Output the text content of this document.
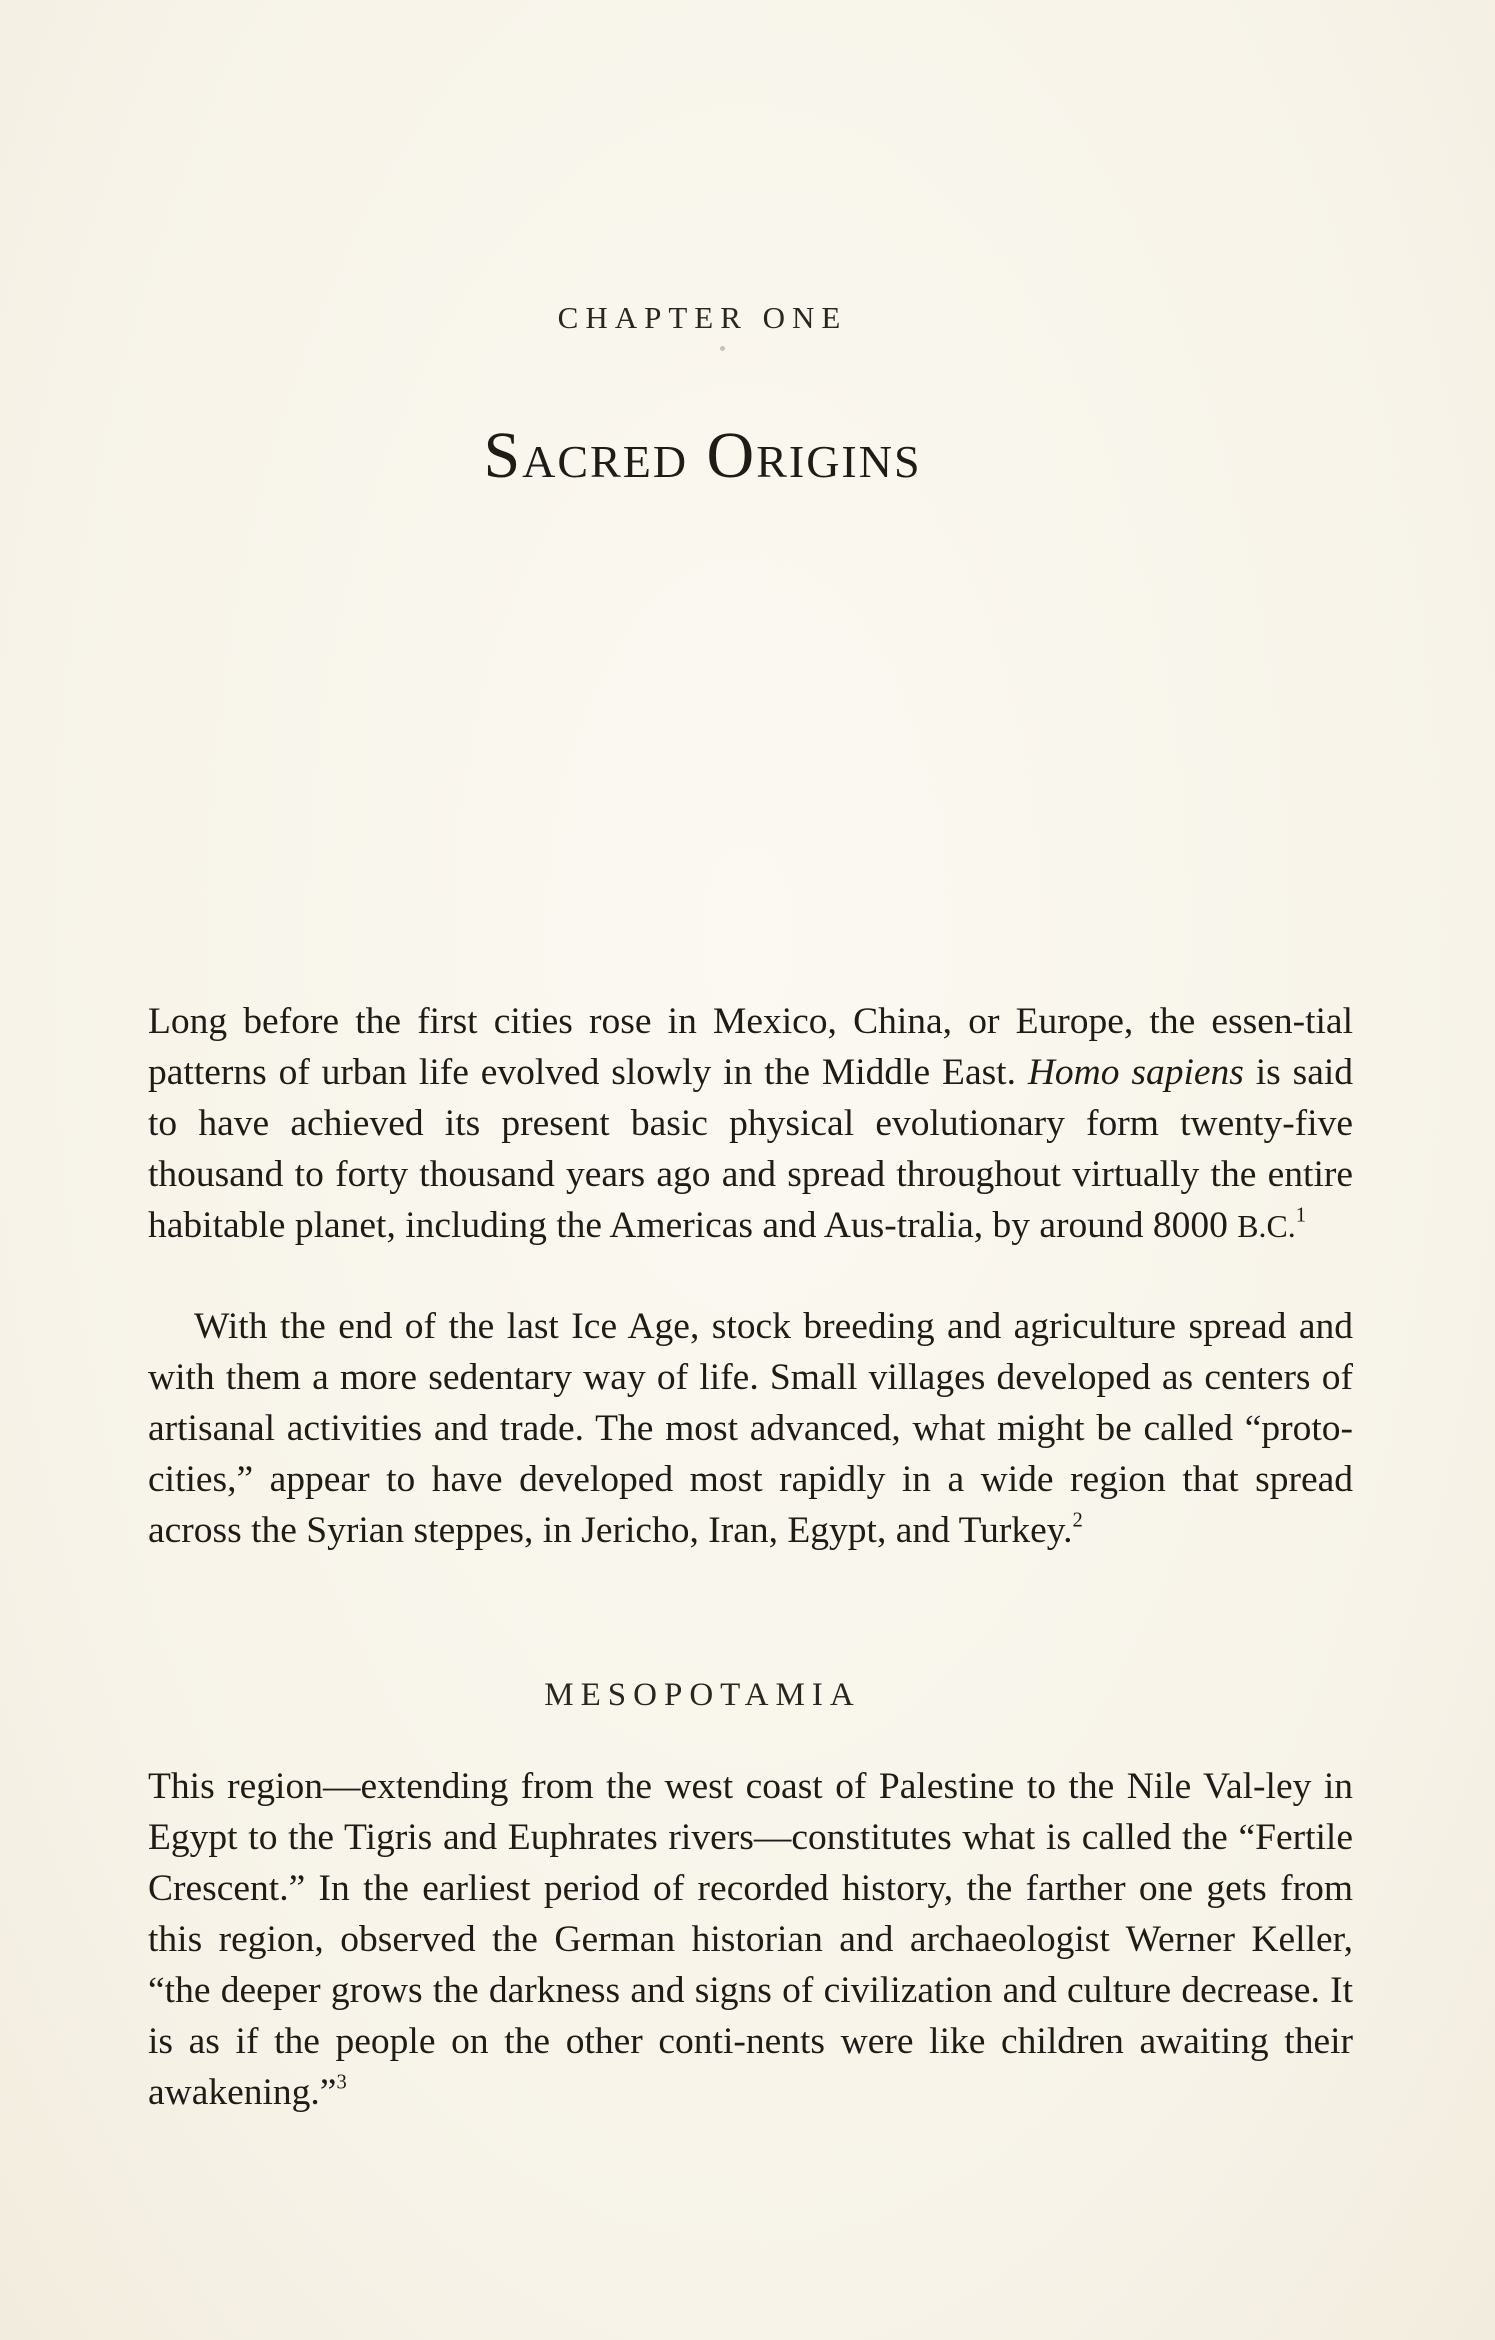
CHAPTER ONE
Sacred Origins

Long before the first cities rose in Mexico, China, or Europe, the essen-tial patterns of urban life evolved slowly in the Middle East. Homo sapiens is said to have achieved its present basic physical evolutionary form twenty-five thousand to forty thousand years ago and spread throughout virtually the entire habitable planet, including the Americas and Aus-tralia, by around 8000 B.C.$^1$

With the end of the last Ice Age, stock breeding and agriculture spread and with them a more sedentary way of life. Small villages developed as centers of artisanal activities and trade. The most advanced, what might be called “proto-cities,” appear to have developed most rapidly in a wide region that spread across the Syrian steppes, in Jericho, Iran, Egypt, and Turkey.$^2$

MESOPOTAMIA

This region—extending from the west coast of Palestine to the Nile Val-ley in Egypt to the Tigris and Euphrates rivers—constitutes what is called the “Fertile Crescent.” In the earliest period of recorded history, the farther one gets from this region, observed the German historian and archaeologist Werner Keller, “the deeper grows the darkness and signs of civilization and culture decrease. It is as if the people on the other conti-nents were like children awaiting their awakening.”$^3$
